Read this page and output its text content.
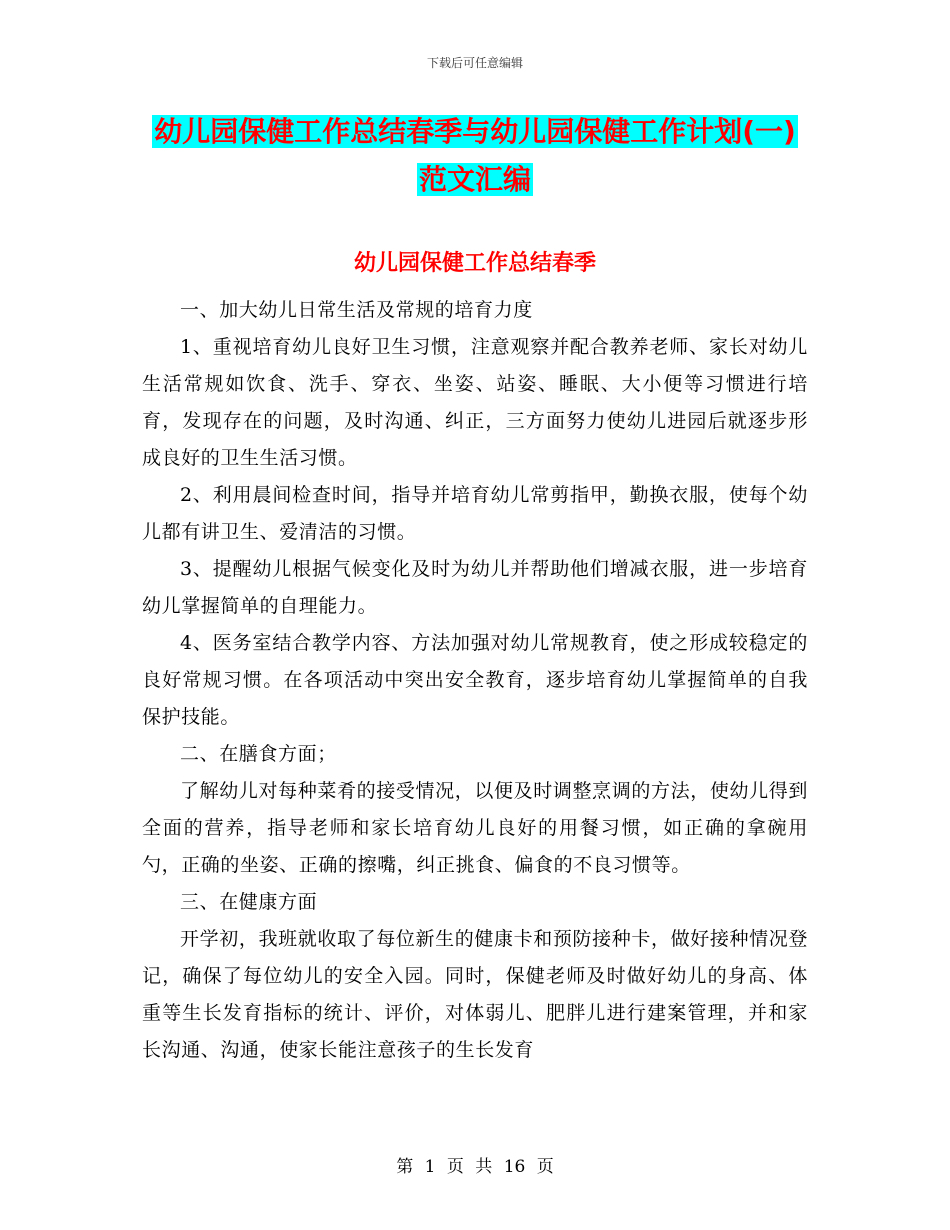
下载后可任意编辑
幼儿园保健工作总结春季与幼儿园保健工作计划(一)
范文汇编
幼儿园保健工作总结春季

一、加大幼儿日常生活及常规的培育力度

1、重视培育幼儿良好卫生习惯，注意观察并配合教养老师、家长对幼儿生活常规如饮食、洗手、穿衣、坐姿、站姿、睡眠、大小便等习惯进行培育，发现存在的问题，及时沟通、纠正，三方面努力使幼儿进园后就逐步形成良好的卫生生活习惯。

2、利用晨间检查时间，指导并培育幼儿常剪指甲，勤换衣服，使每个幼儿都有讲卫生、爱清洁的习惯。

3、提醒幼儿根据气候变化及时为幼儿并帮助他们增减衣服，进一步培育幼儿掌握简单的自理能力。

4、医务室结合教学内容、方法加强对幼儿常规教育，使之形成较稳定的良好常规习惯。在各项活动中突出安全教育，逐步培育幼儿掌握简单的自我保护技能。

二、在膳食方面；

了解幼儿对每种菜肴的接受情况，以便及时调整烹调的方法，使幼儿得到全面的营养，指导老师和家长培育幼儿良好的用餐习惯，如正确的拿碗用勺，正确的坐姿、正确的擦嘴，纠正挑食、偏食的不良习惯等。

三、在健康方面

开学初，我班就收取了每位新生的健康卡和预防接种卡，做好接种情况登记，确保了每位幼儿的安全入园。同时，保健老师及时做好幼儿的身高、体重等生长发育指标的统计、评价，对体弱儿、肥胖儿进行建案管理，并和家长沟通、沟通，使家长能注意孩子的生长发育

第 1 页 共 16 页
